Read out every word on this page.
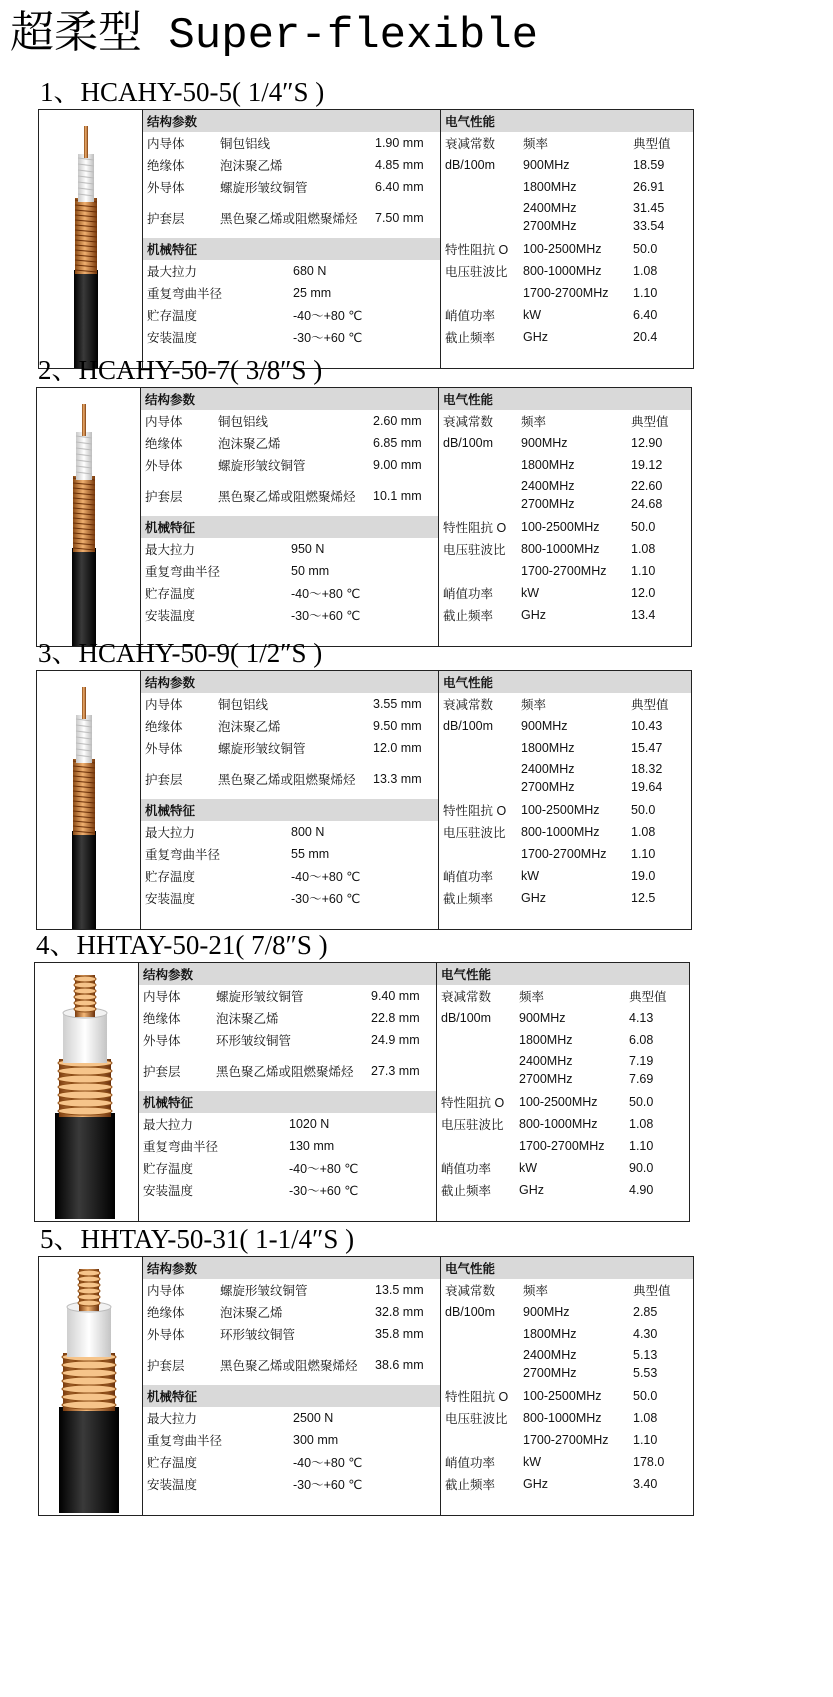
超柔型 Super-flexible
1、HCAHY-50-5( 1/4″S )
结构参数
内导体	铜包铝线	1.90 mm
绝缘体	泡沫聚乙烯	4.85 mm
外导体	螺旋形皱纹铜管	6.40 mm
护套层	黑色聚乙烯或阻燃聚烯烃 7.50 mm
机械特征
最大拉力	680 N
重复弯曲半径	25 mm
贮存温度	-40～+80 ℃
安装温度	-30～+60 ℃
电气性能
衰减常数 频率	典型值
dB/100m 900MHz	18.59
1800MHz	26.91
2400MHz	31.45
2700MHz	33.54
特性阻抗 Ο 100-2500MHz	50.0
电压驻波比 800-1000MHz	1.08
1700-2700MHz 1.10
峭值功率 kW	6.40
截止频率 GHz	20.4
2、HCAHY-50-7( 3/8″S )
结构参数
内导体	铜包铝线	2.60 mm
绝缘体	泡沫聚乙烯	6.85 mm
外导体	螺旋形皱纹铜管	9.00 mm
护套层	黑色聚乙烯或阻燃聚烯烃 10.1 mm
机械特征
最大拉力	950 N
重复弯曲半径	50 mm
贮存温度	-40～+80 ℃
安装温度	-30～+60 ℃
电气性能
衰减常数 频率	典型值
dB/100m 900MHz	12.90
1800MHz	19.12
2400MHz	22.60
2700MHz	24.68
特性阻抗 Ο 100-2500MHz	50.0
电压驻波比 800-1000MHz	1.08
1700-2700MHz 1.10
峭值功率 kW	12.0
截止频率 GHz	13.4
3、HCAHY-50-9( 1/2″S )
结构参数
内导体	铜包铝线	3.55 mm
绝缘体	泡沫聚乙烯	9.50 mm
外导体	螺旋形皱纹铜管	12.0 mm
护套层	黑色聚乙烯或阻燃聚烯烃 13.3 mm
机械特征
最大拉力	800 N
重复弯曲半径	55 mm
贮存温度	-40～+80 ℃
安装温度	-30～+60 ℃
电气性能
衰减常数 频率	典型值
dB/100m 900MHz	10.43
1800MHz	15.47
2400MHz	18.32
2700MHz	19.64
特性阻抗 Ο 100-2500MHz	50.0
电压驻波比 800-1000MHz	1.08
1700-2700MHz 1.10
峭值功率 kW	19.0
截止频率 GHz	12.5
4、HHTAY-50-21( 7/8″S )
结构参数
内导体	螺旋形皱纹铜管	9.40 mm
绝缘体	泡沫聚乙烯	22.8 mm
外导体	环形皱纹铜管	24.9 mm
护套层	黑色聚乙烯或阻燃聚烯烃 27.3 mm
机械特征
最大拉力	1020 N
重复弯曲半径	130 mm
贮存温度	-40～+80 ℃
安装温度	-30～+60 ℃
电气性能
衰减常数 频率	典型值
dB/100m 900MHz	4.13
1800MHz	6.08
2400MHz	7.19
2700MHz	7.69
特性阻抗 Ο 100-2500MHz	50.0
电压驻波比 800-1000MHz	1.08
1700-2700MHz 1.10
峭值功率 kW	90.0
截止频率 GHz	4.90
5、HHTAY-50-31( 1-1/4″S )
结构参数
内导体	螺旋形皱纹铜管	13.5 mm
绝缘体	泡沫聚乙烯	32.8 mm
外导体	环形皱纹铜管	35.8 mm
护套层	黑色聚乙烯或阻燃聚烯烃 38.6 mm
机械特征
最大拉力	2500 N
重复弯曲半径	300 mm
贮存温度	-40～+80 ℃
安装温度	-30～+60 ℃
电气性能
衰减常数 频率	典型值
dB/100m 900MHz	2.85
1800MHz	4.30
2400MHz	5.13
2700MHz	5.53
特性阻抗 Ο 100-2500MHz	50.0
电压驻波比 800-1000MHz	1.08
1700-2700MHz 1.10
峭值功率 kW	178.0
截止频率 GHz	3.40
